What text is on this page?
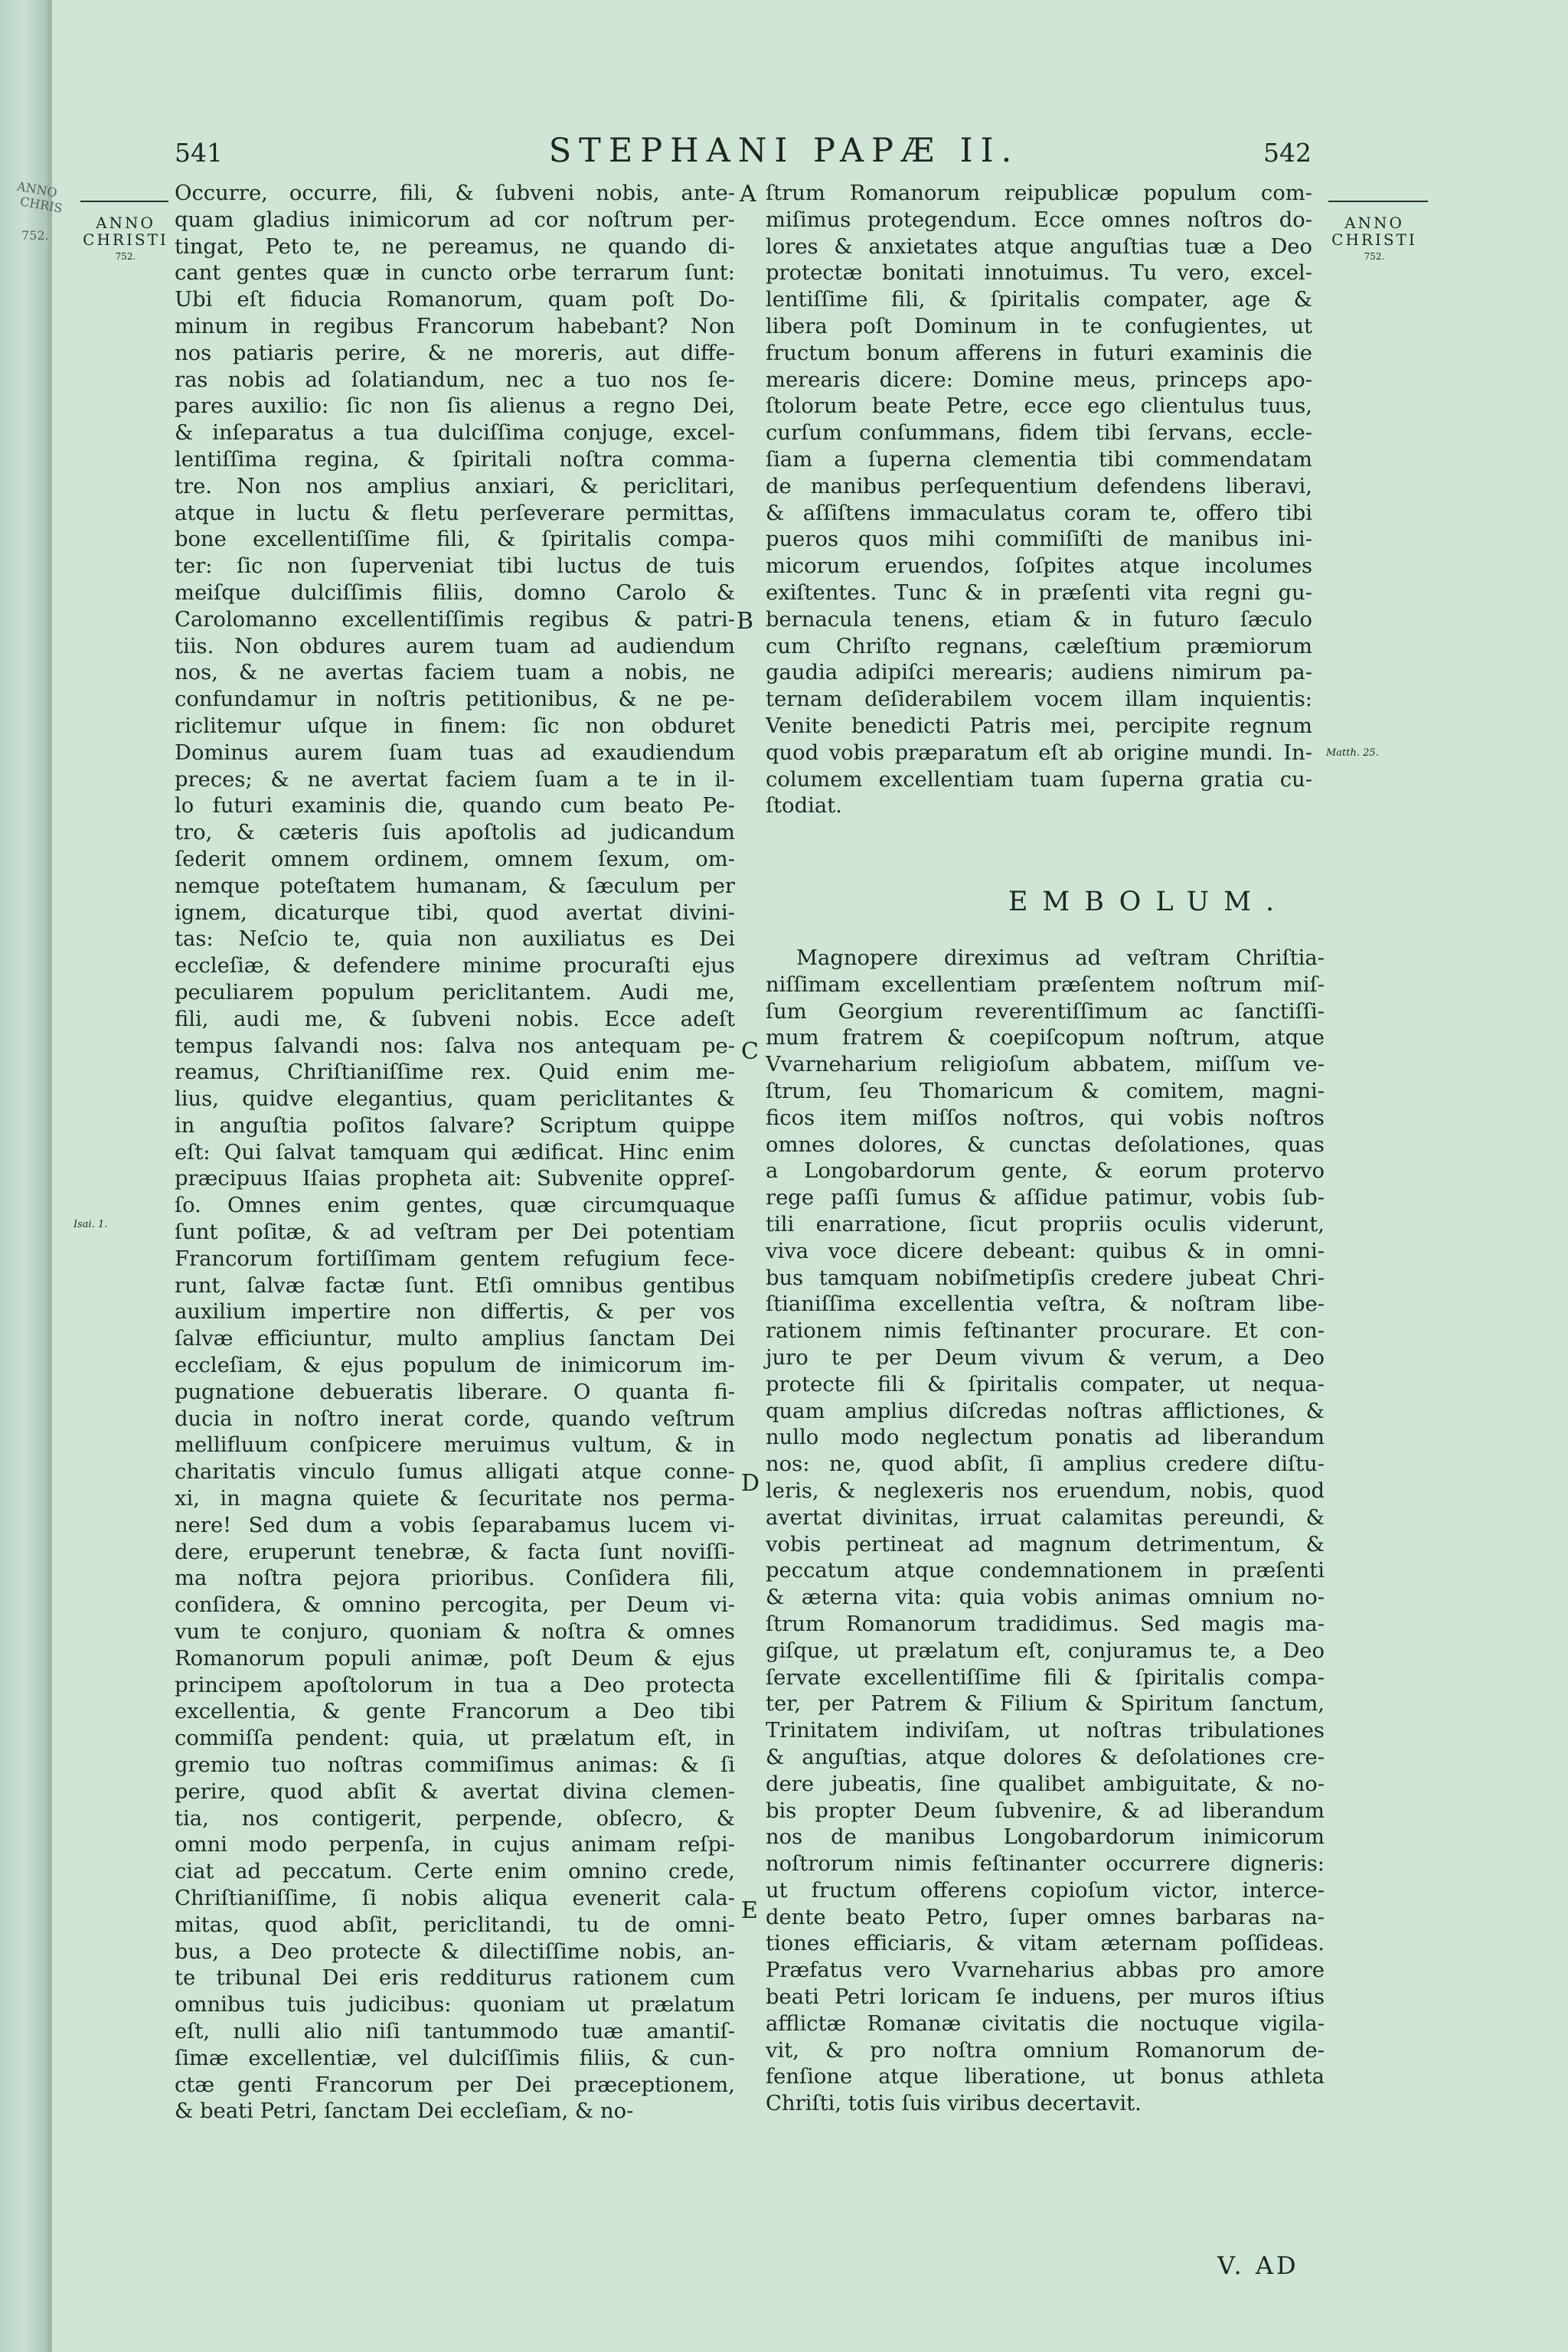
ANNO
CHRIS
752.
541	STEPHANI PAPÆ II.	542
ANNO
CHRISTI
752.
ANNO
CHRISTI
752.
A
B
C
D
E
Isai. 1.
Matth. 25.
Occurre, occurre, fili, & ſubveni nobis, ante-
quam gladius inimicorum ad cor noſtrum per-
tingat, Peto te, ne pereamus, ne quando di-
cant gentes quæ in cuncto orbe terrarum ſunt:
Ubi eſt fiducia Romanorum, quam poſt Do-
minum in regibus Francorum habebant? Non
nos patiaris perire, & ne moreris, aut diffe-
ras nobis ad ſolatiandum, nec a tuo nos ſe-
pares auxilio: ſic non ſis alienus a regno Dei,
& inſeparatus a tua dulciſſima conjuge, excel-
lentiſſima regina, & ſpiritali noſtra comma-
tre. Non nos amplius anxiari, & periclitari,
atque in luctu & fletu perſeverare permittas,
bone excellentiſſime fili, & ſpiritalis compa-
ter: ſic non ſuperveniat tibi luctus de tuis
meiſque dulciſſimis filiis, domno Carolo &
Carolomanno excellentiſſimis regibus & patri-
tiis. Non obdures aurem tuam ad audiendum
nos, & ne avertas faciem tuam a nobis, ne
confundamur in noſtris petitionibus, & ne pe-
riclitemur uſque in finem: ſic non obduret
Dominus aurem ſuam tuas ad exaudiendum
preces; & ne avertat faciem ſuam a te in il-
lo futuri examinis die, quando cum beato Pe-
tro, & cæteris ſuis apoſtolis ad judicandum
ſederit omnem ordinem, omnem ſexum, om-
nemque poteſtatem humanam, & ſæculum per
ignem, dicaturque tibi, quod avertat divini-
tas: Neſcio te, quia non auxiliatus es Dei
eccleſiæ, & defendere minime procuraſti ejus
peculiarem populum periclitantem. Audi me,
fili, audi me, & ſubveni nobis. Ecce adeſt
tempus ſalvandi nos: ſalva nos antequam pe-
reamus, Chriſtianiſſime rex. Quid enim me-
lius, quidve elegantius, quam periclitantes &
in anguſtia poſitos ſalvare? Scriptum quippe
eſt: Qui ſalvat tamquam qui ædificat. Hinc enim
præcipuus Iſaias propheta ait: Subvenite oppreſ-
ſo. Omnes enim gentes, quæ circumquaque
ſunt poſitæ, & ad veſtram per Dei potentiam
Francorum fortiſſimam gentem refugium fece-
runt, ſalvæ factæ ſunt. Etſi omnibus gentibus
auxilium impertire non differtis, & per vos
ſalvæ efficiuntur, multo amplius ſanctam Dei
eccleſiam, & ejus populum de inimicorum im-
pugnatione debueratis liberare. O quanta fi-
ducia in noſtro inerat corde, quando veſtrum
mellifluum conſpicere meruimus vultum, & in
charitatis vinculo ſumus alligati atque conne-
xi, in magna quiete & ſecuritate nos perma-
nere! Sed dum a vobis ſeparabamus lucem vi-
dere, eruperunt tenebræ, & facta ſunt noviſſi-
ma noſtra pejora prioribus. Conſidera fili,
conſidera, & omnino percogita, per Deum vi-
vum te conjuro, quoniam & noſtra & omnes
Romanorum populi animæ, poſt Deum & ejus
principem apoſtolorum in tua a Deo protecta
excellentia, & gente Francorum a Deo tibi
commiſſa pendent: quia, ut prælatum eſt, in
gremio tuo noſtras commiſimus animas: & ſi
perire, quod abſit & avertat divina clemen-
tia, nos contigerit, perpende, obſecro, &
omni modo perpenſa, in cujus animam reſpi-
ciat ad peccatum. Certe enim omnino crede,
Chriſtianiſſime, ſi nobis aliqua evenerit cala-
mitas, quod abſit, periclitandi, tu de omni-
bus, a Deo protecte & dilectiſſime nobis, an-
te tribunal Dei eris redditurus rationem cum
omnibus tuis judicibus: quoniam ut prælatum
eſt, nulli alio niſi tantummodo tuæ amantiſ-
ſimæ excellentiæ, vel dulciſſimis filiis, & cun-
ctæ genti Francorum per Dei præceptionem,
& beati Petri, ſanctam Dei eccleſiam, & no-
ſtrum Romanorum reipublicæ populum com-
miſimus protegendum. Ecce omnes noſtros do-
lores & anxietates atque anguſtias tuæ a Deo
protectæ bonitati innotuimus. Tu vero, excel-
lentiſſime fili, & ſpiritalis compater, age &
libera poſt Dominum in te confugientes, ut
fructum bonum afferens in futuri examinis die
merearis dicere: Domine meus, princeps apo-
ſtolorum beate Petre, ecce ego clientulus tuus,
curſum conſummans, fidem tibi ſervans, eccle-
ſiam a ſuperna clementia tibi commendatam
de manibus perſequentium defendens liberavi,
& aſſiſtens immaculatus coram te, offero tibi
pueros quos mihi commiſiſti de manibus ini-
micorum eruendos, ſoſpites atque incolumes
exiſtentes. Tunc & in præſenti vita regni gu-
bernacula tenens, etiam & in futuro ſæculo
cum Chriſto regnans, cæleſtium præmiorum
gaudia adipiſci merearis; audiens nimirum pa-
ternam deſiderabilem vocem illam inquientis:
Venite benedicti Patris mei, percipite regnum
quod vobis præparatum eſt ab origine mundi. In-
columem excellentiam tuam ſuperna gratia cu-
ſtodiat.
EMBOLUM.
Magnopere direximus ad veſtram Chriſtia-
niſſimam excellentiam præſentem noſtrum miſ-
ſum Georgium reverentiſſimum ac ſanctiſſi-
mum fratrem & coepiſcopum noſtrum, atque
Vvarneharium religioſum abbatem, miſſum ve-
ſtrum, ſeu Thomaricum & comitem, magni-
ficos item miſſos noſtros, qui vobis noſtros
omnes dolores, & cunctas deſolationes, quas
a Longobardorum gente, & eorum protervo
rege paſſi ſumus & aſſidue patimur, vobis ſub-
tili enarratione, ſicut propriis oculis viderunt,
viva voce dicere debeant: quibus & in omni-
bus tamquam nobiſmetipſis credere jubeat Chri-
ſtianiſſima excellentia veſtra, & noſtram libe-
rationem nimis feſtinanter procurare. Et con-
juro te per Deum vivum & verum, a Deo
protecte fili & ſpiritalis compater, ut nequa-
quam amplius diſcredas noſtras afflictiones, &
nullo modo neglectum ponatis ad liberandum
nos: ne, quod abſit, ſi amplius credere diſtu-
leris, & neglexeris nos eruendum, nobis, quod
avertat divinitas, irruat calamitas pereundi, &
vobis pertineat ad magnum detrimentum, &
peccatum atque condemnationem in præſenti
& æterna vita: quia vobis animas omnium no-
ſtrum Romanorum tradidimus. Sed magis ma-
giſque, ut prælatum eſt, conjuramus te, a Deo
ſervate excellentiſſime fili & ſpiritalis compa-
ter, per Patrem & Filium & Spiritum ſanctum,
Trinitatem indiviſam, ut noſtras tribulationes
& anguſtias, atque dolores & deſolationes cre-
dere jubeatis, ſine qualibet ambiguitate, & no-
bis propter Deum ſubvenire, & ad liberandum
nos de manibus Longobardorum inimicorum
noſtrorum nimis feſtinanter occurrere digneris:
ut fructum offerens copioſum victor, interce-
dente beato Petro, ſuper omnes barbaras na-
tiones efficiaris, & vitam æternam poſſideas.
Præfatus vero Vvarneharius abbas pro amore
beati Petri loricam ſe induens, per muros iſtius
afflictæ Romanæ civitatis die noctuque vigila-
vit, & pro noſtra omnium Romanorum de-
fenſione atque liberatione, ut bonus athleta
Chriſti, totis ſuis viribus decertavit.
V. AD
